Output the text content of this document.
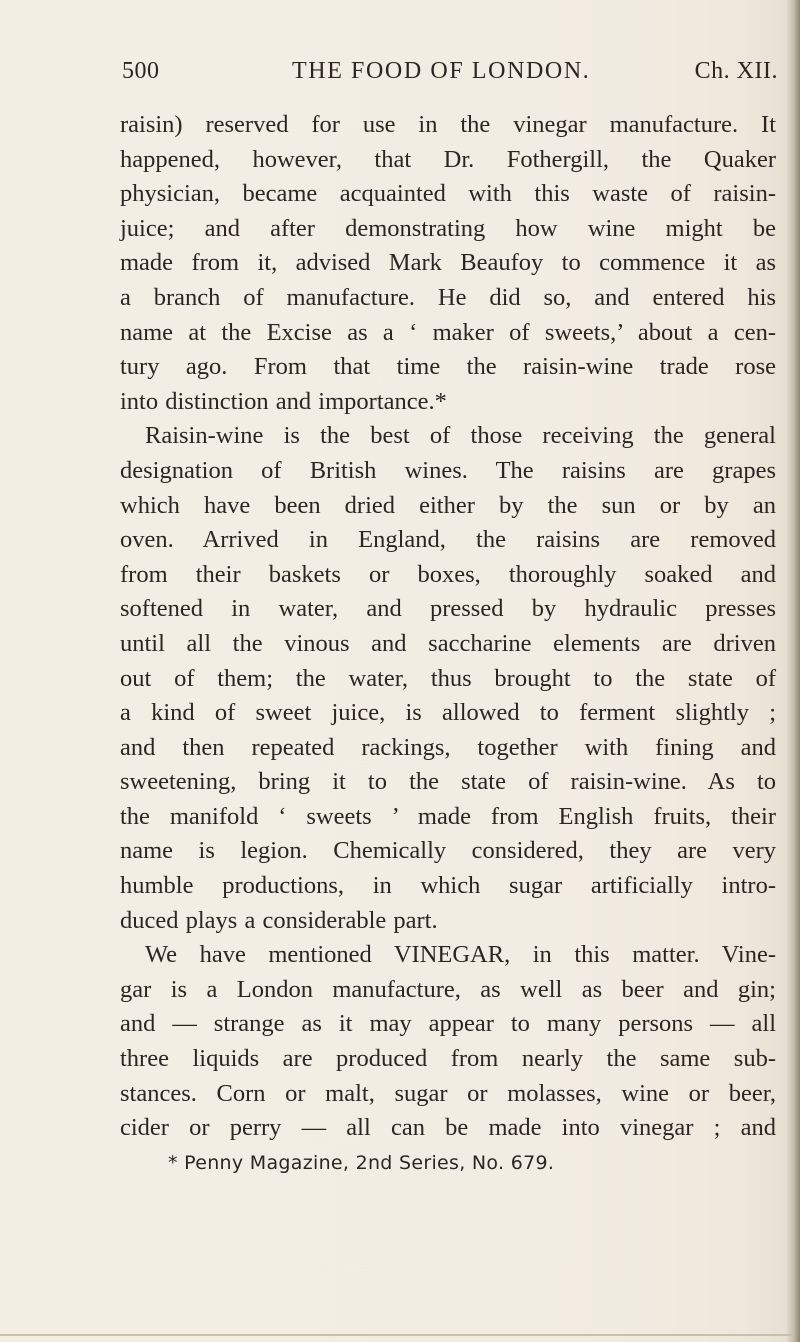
500	THE FOOD OF LONDON.	Ch. XII.
raisin) reserved for use in the vinegar manufacture. It
happened, however, that Dr. Fothergill, the Quaker
physician, became acquainted with this waste of raisin-
juice; and after demonstrating how wine might be
made from it, advised Mark Beaufoy to commence it as
a branch of manufacture. He did so, and entered his
name at the Excise as a ‘ maker of sweets,’ about a cen-
tury ago. From that time the raisin-wine trade rose
into distinction and importance.*
Raisin-wine is the best of those receiving the general
designation of British wines. The raisins are grapes
which have been dried either by the sun or by an
oven. Arrived in England, the raisins are removed
from their baskets or boxes, thoroughly soaked and
softened in water, and pressed by hydraulic presses
until all the vinous and saccharine elements are driven
out of them; the water, thus brought to the state of
a kind of sweet juice, is allowed to ferment slightly ;
and then repeated rackings, together with fining and
sweetening, bring it to the state of raisin-wine. As to
the manifold ‘ sweets ’ made from English fruits, their
name is legion. Chemically considered, they are very
humble productions, in which sugar artificially intro-
duced plays a considerable part.
We have mentioned VINEGAR, in this matter. Vine-
gar is a London manufacture, as well as beer and gin;
and — strange as it may appear to many persons — all
three liquids are produced from nearly the same sub-
stances. Corn or malt, sugar or molasses, wine or beer,
cider or perry — all can be made into vinegar ; and
* Penny Magazine, 2nd Series, No. 679.
